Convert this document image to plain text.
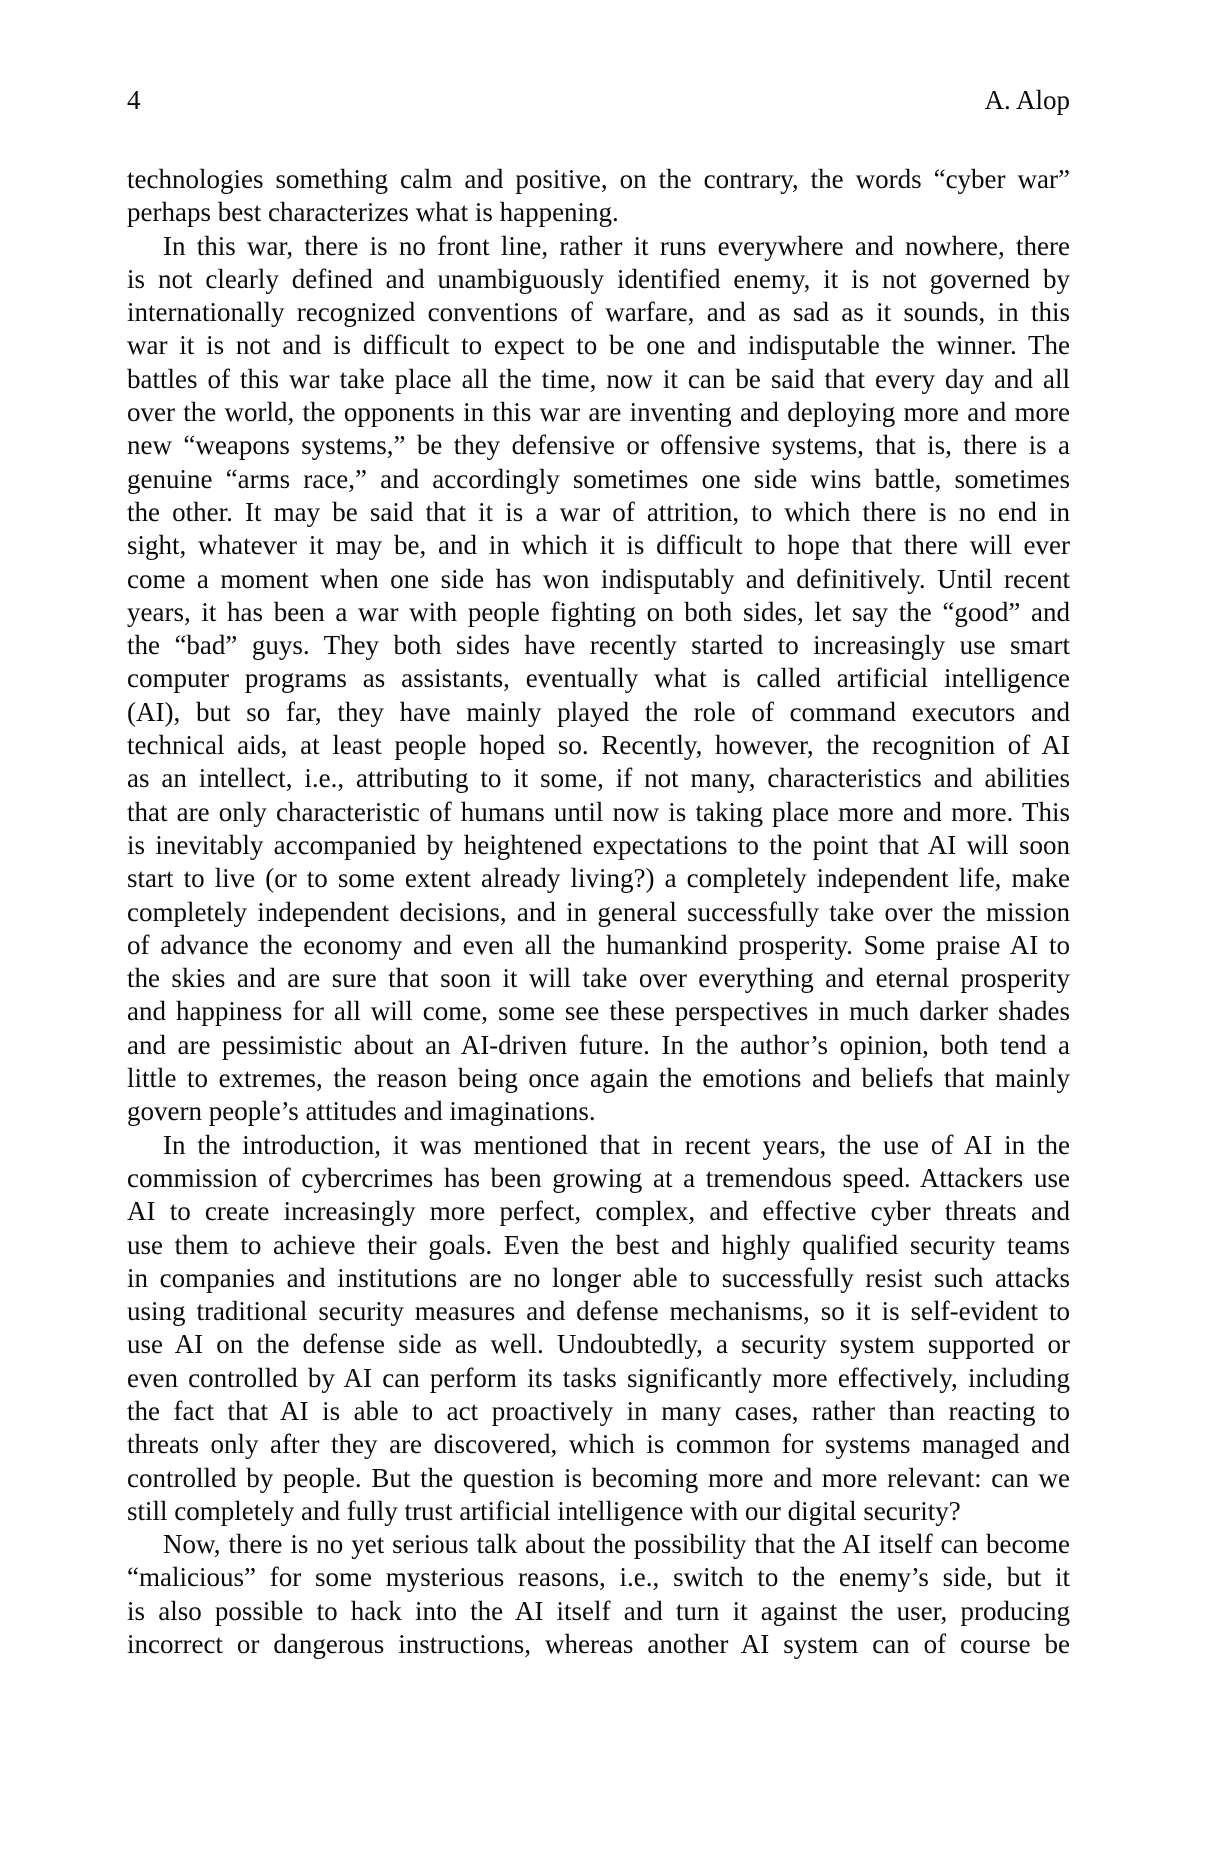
4	A. Alop
technologies something calm and positive, on the contrary, the words “cyber war”
perhaps best characterizes what is happening.
In this war, there is no front line, rather it runs everywhere and nowhere, there
is not clearly defined and unambiguously identified enemy, it is not governed by
internationally recognized conventions of warfare, and as sad as it sounds, in this
war it is not and is difficult to expect to be one and indisputable the winner. The
battles of this war take place all the time, now it can be said that every day and all
over the world, the opponents in this war are inventing and deploying more and more
new “weapons systems,” be they defensive or offensive systems, that is, there is a
genuine “arms race,” and accordingly sometimes one side wins battle, sometimes
the other. It may be said that it is a war of attrition, to which there is no end in
sight, whatever it may be, and in which it is difficult to hope that there will ever
come a moment when one side has won indisputably and definitively. Until recent
years, it has been a war with people fighting on both sides, let say the “good” and
the “bad” guys. They both sides have recently started to increasingly use smart
computer programs as assistants, eventually what is called artificial intelligence
(AI), but so far, they have mainly played the role of command executors and
technical aids, at least people hoped so. Recently, however, the recognition of AI
as an intellect, i.e., attributing to it some, if not many, characteristics and abilities
that are only characteristic of humans until now is taking place more and more. This
is inevitably accompanied by heightened expectations to the point that AI will soon
start to live (or to some extent already living?) a completely independent life, make
completely independent decisions, and in general successfully take over the mission
of advance the economy and even all the humankind prosperity. Some praise AI to
the skies and are sure that soon it will take over everything and eternal prosperity
and happiness for all will come, some see these perspectives in much darker shades
and are pessimistic about an AI-driven future. In the author’s opinion, both tend a
little to extremes, the reason being once again the emotions and beliefs that mainly
govern people’s attitudes and imaginations.
In the introduction, it was mentioned that in recent years, the use of AI in the
commission of cybercrimes has been growing at a tremendous speed. Attackers use
AI to create increasingly more perfect, complex, and effective cyber threats and
use them to achieve their goals. Even the best and highly qualified security teams
in companies and institutions are no longer able to successfully resist such attacks
using traditional security measures and defense mechanisms, so it is self-evident to
use AI on the defense side as well. Undoubtedly, a security system supported or
even controlled by AI can perform its tasks significantly more effectively, including
the fact that AI is able to act proactively in many cases, rather than reacting to
threats only after they are discovered, which is common for systems managed and
controlled by people. But the question is becoming more and more relevant: can we
still completely and fully trust artificial intelligence with our digital security?
Now, there is no yet serious talk about the possibility that the AI itself can become
“malicious” for some mysterious reasons, i.e., switch to the enemy’s side, but it
is also possible to hack into the AI itself and turn it against the user, producing
incorrect or dangerous instructions, whereas another AI system can of course be
